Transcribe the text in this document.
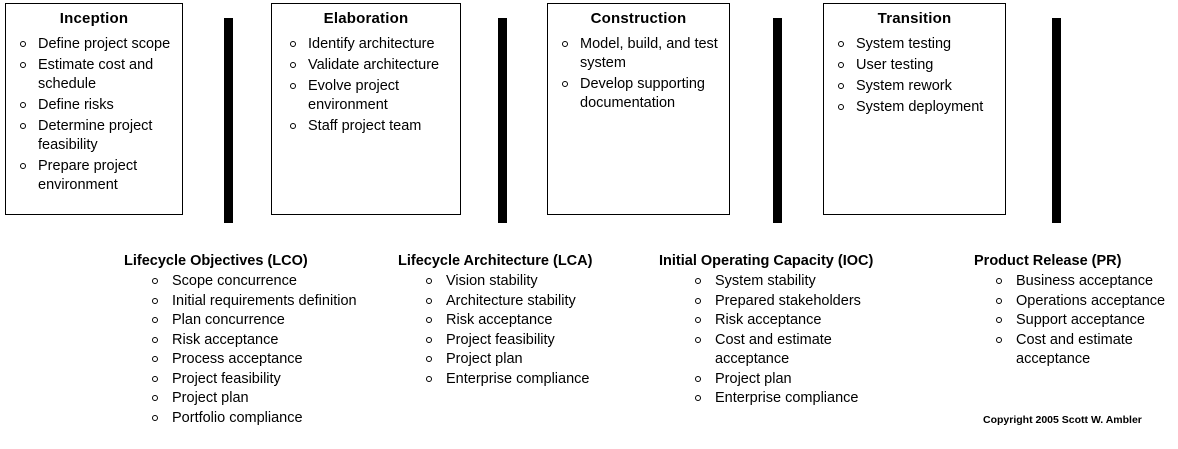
Inception
Define project scope
Estimate cost and schedule
Define risks
Determine project feasibility
Prepare project environment
Elaboration
Identify architecture
Validate architecture
Evolve project environment
Staff project team
Construction
Model, build, and test system
Develop supporting documentation
Transition
System testing
User testing
System rework
System deployment
Lifecycle Objectives (LCO)
Scope concurrence
Initial requirements definition
Plan concurrence
Risk acceptance
Process acceptance
Project feasibility
Project plan
Portfolio compliance
Lifecycle Architecture (LCA)
Vision stability
Architecture stability
Risk acceptance
Project feasibility
Project plan
Enterprise compliance
Initial Operating Capacity (IOC)
System stability
Prepared stakeholders
Risk acceptance
Cost and estimate acceptance
Project plan
Enterprise compliance
Product Release (PR)
Business acceptance
Operations acceptance
Support acceptance
Cost and estimate acceptance
Copyright 2005 Scott W. Ambler
